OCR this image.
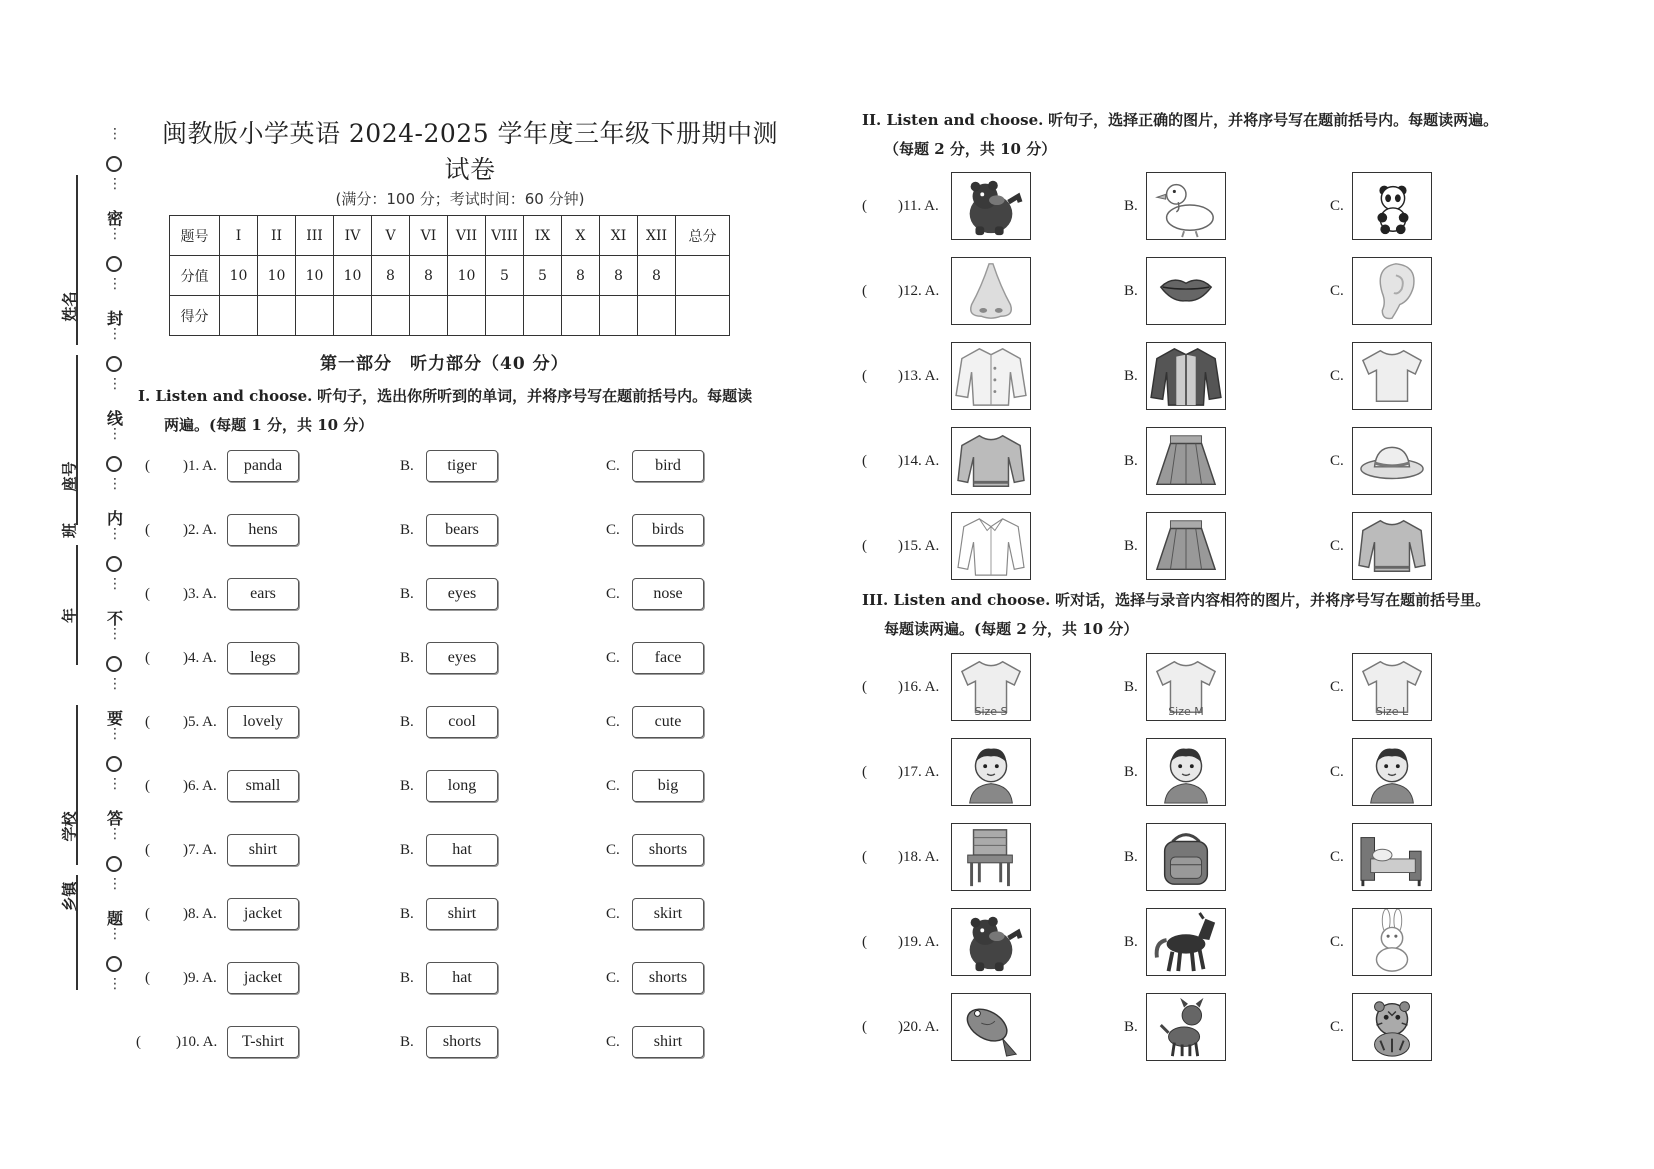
⋮
⋮
密
⋮
⋮
封
⋮
⋮
线
⋮
⋮
内
⋮
⋮
不
⋮
⋮
要
⋮
⋮
答
⋮
⋮
题
⋮
⋮
姓名
座号
班
年
学校
乡镇
闽教版小学英语 2024-2025 学年度三年级下册期中测试卷
(满分：100 分；考试时间：60 分钟)
题号	I	II	III	IV	V	VI	VII	VIII	IX	X	XI	XII	总分
分值	10	10	10	10	8	8	10	5	5	8	8	8	
得分													
第一部分　听力部分（40 分）
I. Listen and choose. 听句子，选出你所听到的单词，并将序号写在题前括号内。每题读
两遍。(每题 1 分，共 10 分）
( )1. A.	panda	B.	tiger	C.	bird
( )2. A.	hens	B.	bears	C.	birds
( )3. A.	ears	B.	eyes	C.	nose
( )4. A.	legs	B.	eyes	C.	face
( )5. A.	lovely	B.	cool	C.	cute
( )6. A.	small	B.	long	C.	big
( )7. A.	shirt	B.	hat	C.	shorts
( )8. A.	jacket	B.	shirt	C.	skirt
( )9. A.	jacket	B.	hat	C.	shorts
( )10. A.	T-shirt	B.	shorts	C.	shirt
II. Listen and choose. 听句子，选择正确的图片，并将序号写在题前括号内。每题读两遍。
（每题 2 分，共 10 分）
( )11. A.	B.	C.
( )12. A.	B.	C.
( )13. A.	B.	C.
( )14. A.	B.	C.
( )15. A.	B.	C.
III. Listen and choose. 听对话，选择与录音内容相符的图片，并将序号写在题前括号里。
每题读两遍。(每题 2 分，共 10 分）
( )16. A.	B.	C.
Size S	Size M	Size L
( )17. A.	B.	C.
( )18. A.	B.	C.
( )19. A.	B.	C.
( )20. A.	B.	C.
